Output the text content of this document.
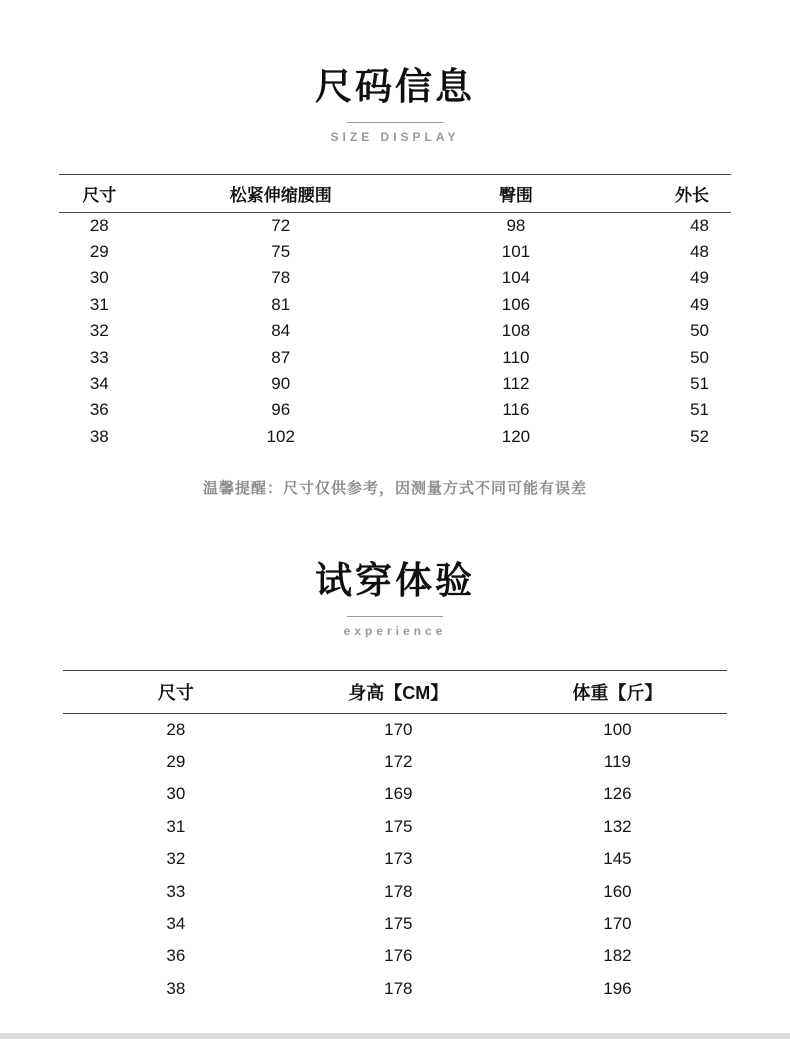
尺码信息
SIZE DISPLAY
尺寸	松紧伸缩腰围	臀围	外长
28	72	98	48
29	75	101	48
30	78	104	49
31	81	106	49
32	84	108	50
33	87	110	50
34	90	112	51
36	96	116	51
38	102	120	52
温馨提醒：尺寸仅供参考，因测量方式不同可能有误差
试穿体验
experience
尺寸	身高【CM】	体重【斤】
28	170	100
29	172	119
30	169	126
31	175	132
32	173	145
33	178	160
34	175	170
36	176	182
38	178	196
